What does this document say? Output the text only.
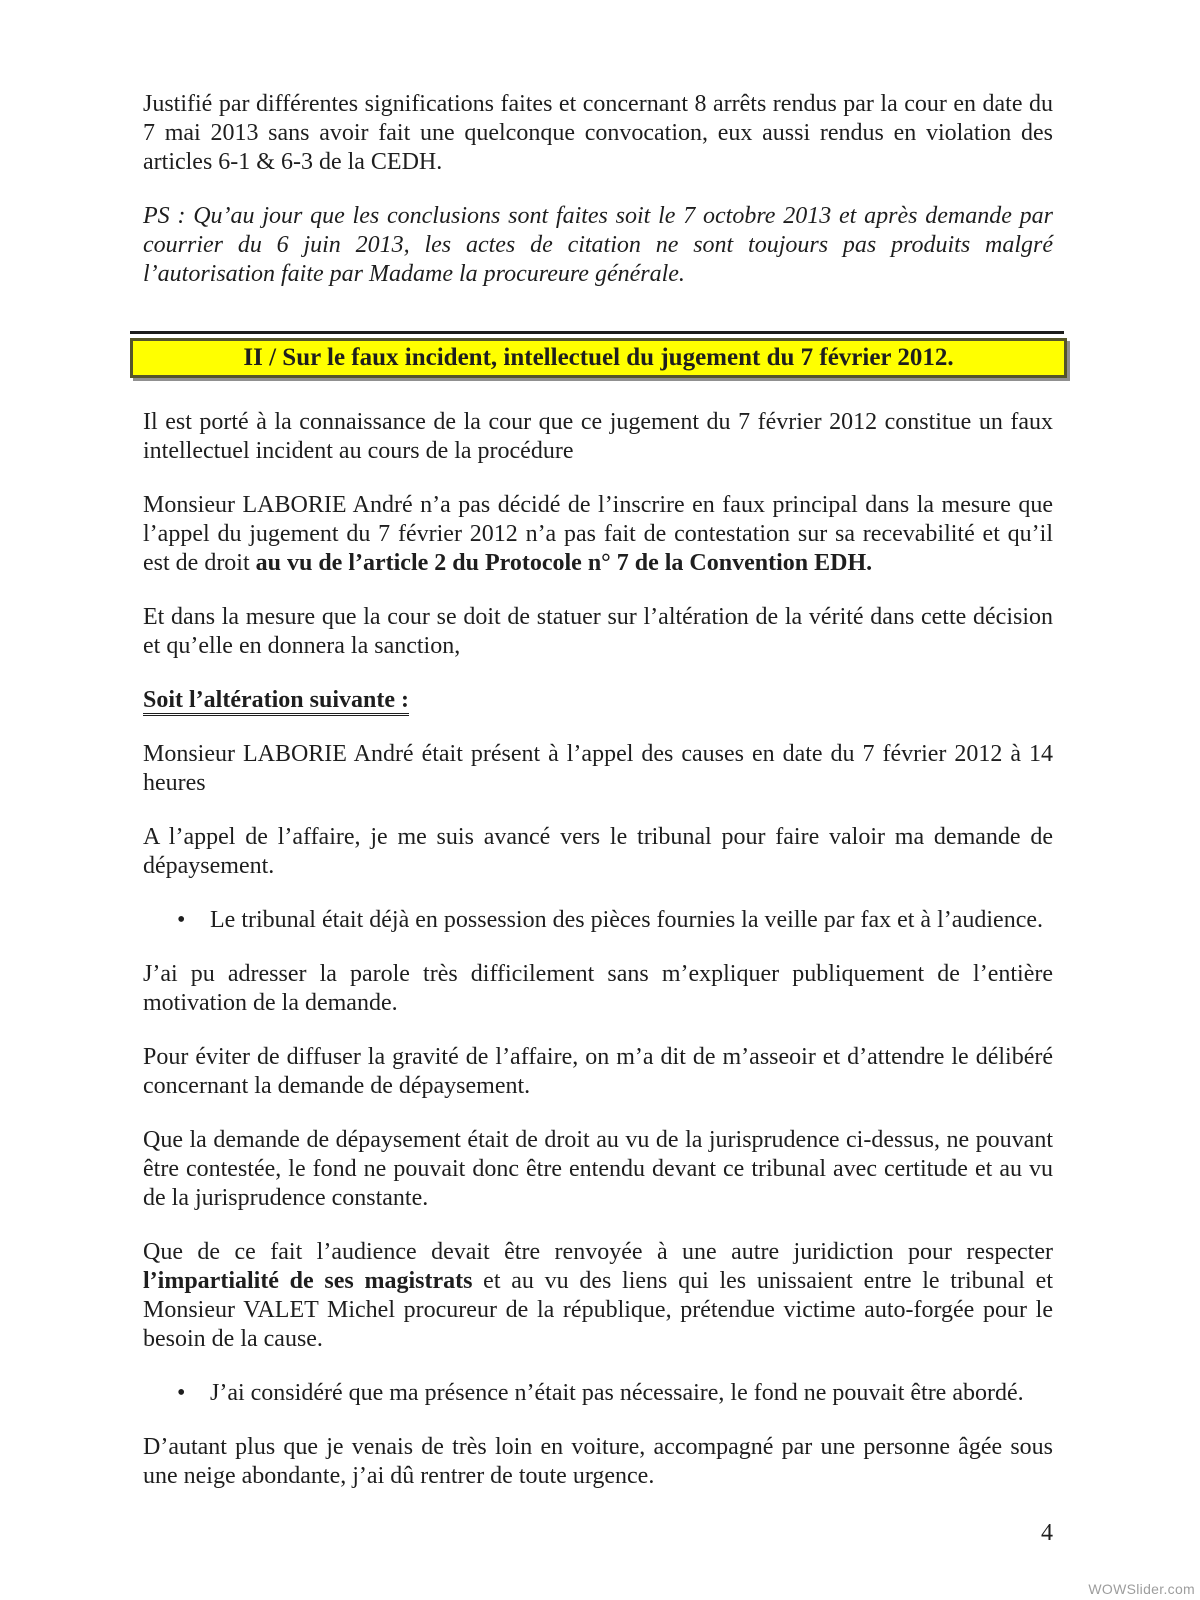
Justifié par différentes significations faites et concernant 8 arrêts rendus par la cour en date du 7 mai 2013 sans avoir fait une quelconque convocation, eux aussi rendus en violation des articles 6-1 & 6-3 de la CEDH.

PS : Qu’au jour que les conclusions sont faites soit le 7 octobre 2013 et après demande par courrier du 6 juin 2013, les actes de citation ne sont toujours pas produits malgré l’autorisation faite par Madame la procureure générale.

II / Sur le faux incident, intellectuel du jugement du 7 février 2012.

Il est porté à la connaissance de la cour que ce jugement du 7 février 2012 constitue un faux intellectuel incident au cours de la procédure

Monsieur LABORIE André n’a pas décidé de l’inscrire en faux principal dans la mesure que l’appel du jugement du 7 février 2012 n’a pas fait de contestation sur sa recevabilité et qu’il est de droit au vu de l’article 2 du Protocole n° 7 de la Convention EDH.

Et dans la mesure que la cour se doit de statuer sur l’altération de la vérité dans cette décision et qu’elle en donnera la sanction,

Soit l’altération suivante :

Monsieur LABORIE André était présent à l’appel des causes en date du 7 février 2012 à 14 heures

A l’appel de l’affaire, je me suis avancé vers le tribunal pour faire valoir ma demande de dépaysement.

•	Le tribunal était déjà en possession des pièces fournies la veille par fax et à l’audience.

J’ai pu adresser la parole très difficilement sans m’expliquer publiquement de l’entière motivation de la demande.

Pour éviter de diffuser la gravité de l’affaire, on m’a dit de m’asseoir et d’attendre le délibéré concernant la demande de dépaysement.

Que la demande de dépaysement était de droit au vu de la jurisprudence ci-dessus, ne pouvant être contestée, le fond ne pouvait donc être entendu devant ce tribunal avec certitude et au vu de la jurisprudence constante.

Que de ce fait l’audience devait être renvoyée à une autre juridiction pour respecter l’impartialité de ses magistrats et au vu des liens qui les unissaient entre le tribunal et Monsieur VALET Michel procureur de la république, prétendue victime auto-forgée pour le besoin de la cause.

•	J’ai considéré que ma présence n’était pas nécessaire, le fond ne pouvait être abordé.

D’autant plus que je venais de très loin en voiture, accompagné par une personne âgée sous une neige abondante, j’ai dû rentrer de toute urgence.

4
WOWSlider.com
